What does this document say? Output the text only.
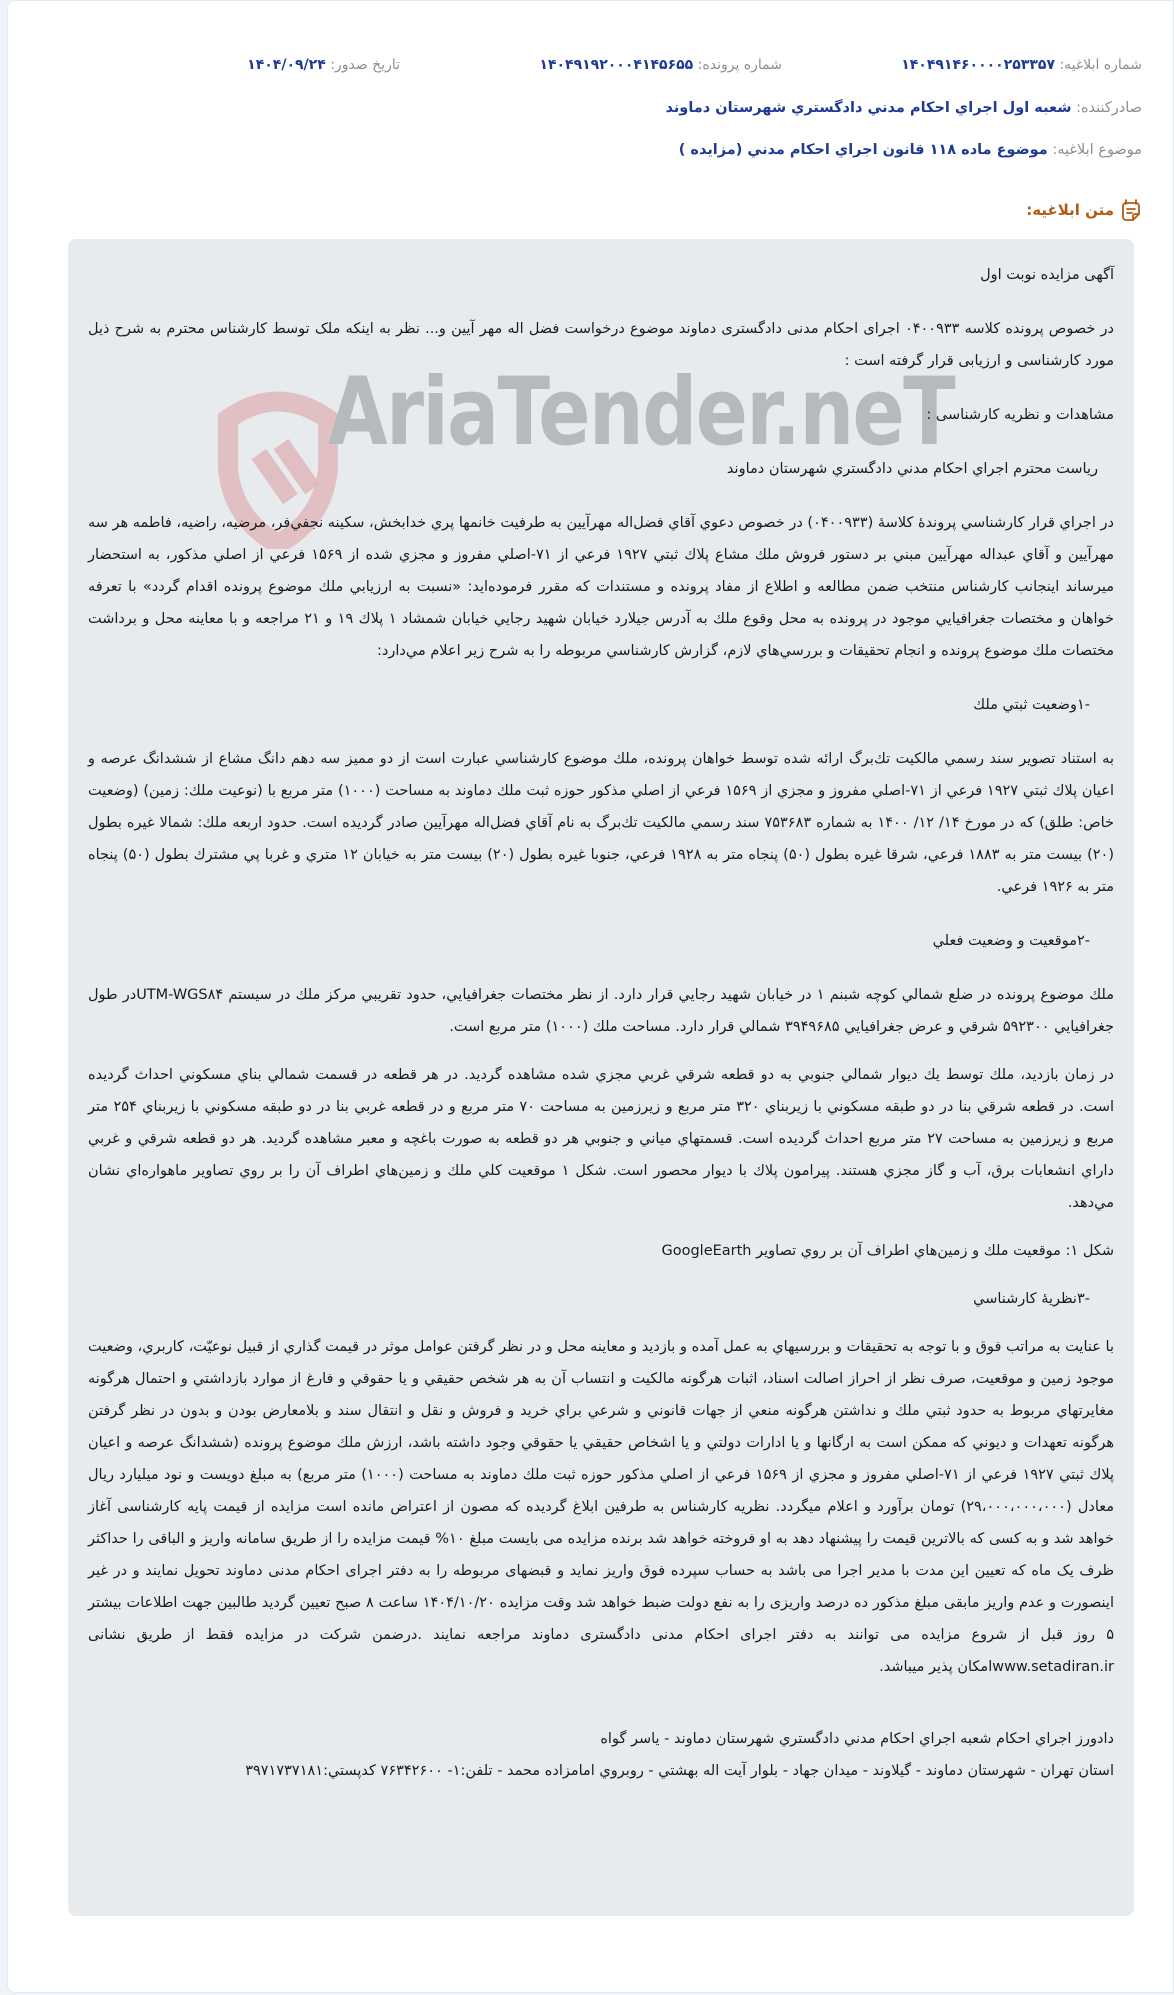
شماره ابلاغیه: ۱۴۰۴۹۱۴۶۰۰۰۰۲۵۳۳۵۷
شماره پرونده: ۱۴۰۴۹۱۹۲۰۰۰۴۱۴۵۶۵۵
تاریخ صدور: ۱۴۰۴/۰۹/۲۴
صادرکننده: شعبه اول اجراي احكام مدني دادگستري شهرستان دماوند
موضوع ابلاغیه: موضوع ماده ۱۱۸ قانون اجراي احكام مدني (مزايده )
متن ابلاغیه:
AriaTender.neT

آگهی مزایده نوبت اول

در خصوص پرونده کلاسه ۰۴۰۰۹۳۳ اجرای احکام مدنی دادگستری دماوند موضوع درخواست فضل اله مهر آیین و... نظر به اینکه ملک توسط کارشناس محترم به شرح ذیل مورد کارشناسی و ارزیابی قرار گرفته است :

مشاهدات و نظریه کارشناسی :

رياست محترم اجراي احكام مدني دادگستري شهرستان دماوند

در اجراي قرار كارشناسي پروندۀ كلاسۀ (۰۴۰۰۹۳۳) در خصوص دعوي آقاي فضل‌اله مهرآيين به طرفيت خانمها پري خدابخش، سكينه نجفي‌فر، مرضيه، راضيه، فاطمه هر سه مهرآيين و آقاي عبداله مهرآيين مبني بر دستور فروش ملك مشاع پلاك ثبتي ۱۹۲۷ فرعي از ۷۱-اصلي مفروز و مجزي شده از ۱۵۶۹ فرعي از اصلي مذكور، به استحضار ميرساند اينجانب كارشناس منتخب ضمن مطالعه و اطلاع از مفاد پرونده و مستندات كه مقرر فرموده‌ايد: «نسبت به ارزيابي ملك موضوع پرونده اقدام گردد» با تعرفه خواهان و مختصات جغرافيايي موجود در پرونده به محل وقوع ملك به آدرس جيلارد خيابان شهيد رجايي خيابان شمشاد ۱ پلاك ۱۹ و ۲۱ مراجعه و با معاينه محل و برداشت مختصات ملك موضوع پرونده و انجام تحقيقات و بررسي‌هاي لازم، گزارش كارشناسي مربوطه را به شرح زير اعلام مي‌دارد:

-۱وضعيت ثبتي ملك

به استناد تصوير سند رسمي مالكيت تك‌برگ ارائه شده توسط خواهان پرونده، ملك موضوع كارشناسي عبارت است از دو مميز سه دهم دانگ مشاع از ششدانگ عرصه و اعيان پلاك ثبتي ۱۹۲۷ فرعي از ۷۱-اصلي مفروز و مجزي از ۱۵۶۹ فرعي از اصلي مذكور حوزه ثبت ملك دماوند به مساحت (۱۰۰۰) متر مربع با (نوعيت ملك: زمين) (وضعيت خاص: طلق) كه در مورخ ۱۴/ ۱۲/ ۱۴۰۰ به شماره ۷۵۳۶۸۳ سند رسمي مالكيت تك‌برگ به نام آقاي فضل‌اله مهرآيين صادر گرديده است. حدود اربعه ملك: شمالا غيره بطول (۲۰) بيست متر به ۱۸۸۳ فرعي، شرقا غيره بطول (۵۰) پنجاه متر به ۱۹۲۸ فرعي، جنوبا غيره بطول (۲۰) بيست متر به خيابان ۱۲ متري و غربا پي مشترك بطول (۵۰) پنجاه متر به ۱۹۲۶ فرعي.

-۲موقعيت و وضعيت فعلي

ملك موضوع پرونده در ضلع شمالي كوچه شبنم ۱ در خيابان شهيد رجايي قرار دارد. از نظر مختصات جغرافيايي، حدود تقريبي مركز ملك در سيستم UTM-WGS۸۴در طول جغرافيايي ۵۹۲۳۰۰ شرقي و عرض جغرافيايي ۳۹۴۹۶۸۵ شمالي قرار دارد. مساحت ملك (۱۰۰۰) متر مربع است.

در زمان بازديد، ملك توسط يك ديوار شمالي جنوبي به دو قطعه شرقي غربي مجزي شده مشاهده گرديد. در هر قطعه در قسمت شمالي بناي مسكوني احداث گرديده است. در قطعه شرقي بنا در دو طبقه مسكوني با زيربناي ۳۲۰ متر مربع و زيرزمين به مساحت ۷۰ متر مربع و در قطعه غربي بنا در دو طبقه مسكوني با زيربناي ۲۵۴ متر مربع و زيرزمين به مساحت ۲۷ متر مربع احداث گرديده است. قسمتهاي مياني و جنوبي هر دو قطعه به صورت باغچه و معبر مشاهده گرديد. هر دو قطعه شرقي و غربي داراي انشعابات برق، آب و گاز مجزي هستند. پيرامون پلاك با ديوار محصور است. شكل ۱ موقعيت كلي ملك و زمين‌هاي اطراف آن را بر روي تصاوير ماهواره‌اي نشان مي‌دهد.

شكل ۱: موقعيت ملك و زمين‌هاي اطراف آن بر روي تصاوير GoogleEarth

-۳نظريۀ كارشناسي

با عنايت به مراتب فوق و با توجه به تحقيقات و بررسيهاي به عمل آمده و بازديد و معاينه محل و در نظر گرفتن عوامل موثر در قيمت گذاري از قبيل نوعيّت، كاربري، وضعيت موجود زمين و موقعيت، صرف نظر از احراز اصالت اسناد، اثبات هرگونه مالكيت و انتساب آن به هر شخص حقيقي و يا حقوقي و فارغ از موارد بازداشتي و احتمال هرگونه مغايرتهاي مربوط به حدود ثبتي ملك و نداشتن هرگونه منعي از جهات قانوني و شرعي براي خريد و فروش و نقل و انتقال سند و بلامعارض بودن و بدون در نظر گرفتن هرگونه تعهدات و ديوني كه ممكن است به ارگانها و يا ادارات دولتي و يا اشخاص حقيقي يا حقوقي وجود داشته باشد، ارزش ملك موضوع پرونده (ششدانگ عرصه و اعيان پلاك ثبتي ۱۹۲۷ فرعي از ۷۱-اصلي مفروز و مجزي از ۱۵۶۹ فرعي از اصلي مذكور حوزه ثبت ملك دماوند به مساحت (۱۰۰۰) متر مربع) به مبلغ دويست و نود ميليارد ريال معادل (۲۹،۰۰۰،۰۰۰،۰۰۰) تومان برآورد و اعلام ميگردد. نظریه کارشناس به طرفین ابلاغ گردیده که مصون از اعتراض مانده است مزایده از قیمت پایه کارشناسی آغاز خواهد شد و به کسی که بالاترین قیمت را پیشنهاد دهد به او فروخته خواهد شد برنده مزایده می بایست مبلغ ۱۰% قیمت مزایده را از طریق سامانه واریز و الباقی را حداکثر ظرف یک ماه که تعیین این مدت با مدیر اجرا می باشد به حساب سپرده فوق واریز نماید و قبضهای مربوطه را به دفتر اجرای احکام مدنی دماوند تحویل نمایند و در غیر اینصورت و عدم واریز مابقی مبلغ مذکور ده درصد واریزی را به نفع دولت ضبط خواهد شد وقت مزایده ۱۴۰۴/۱۰/۲۰ ساعت ۸ صبح تعیین گردید طالبین جهت اطلاعات بیشتر ۵ روز قبل از شروع مزایده می توانند به دفتر اجرای احکام مدنی دادگستری دماوند مراجعه نمایند .درضمن شرکت در مزایده فقط از طریق نشانی www.setadiran.irامکان پذیر میباشد.

دادورز اجراي احكام شعبه اجراي احكام مدني دادگستري شهرستان دماوند - ياسر گواه

استان تهران - شهرستان دماوند - گيلاوند - ميدان جهاد - بلوار آيت اله بهشتي - روبروي امامزاده محمد - تلفن:۱- ۷۶۳۴۲۶۰۰ كدپستي:۳۹۷۱۷۳۷۱۸۱
